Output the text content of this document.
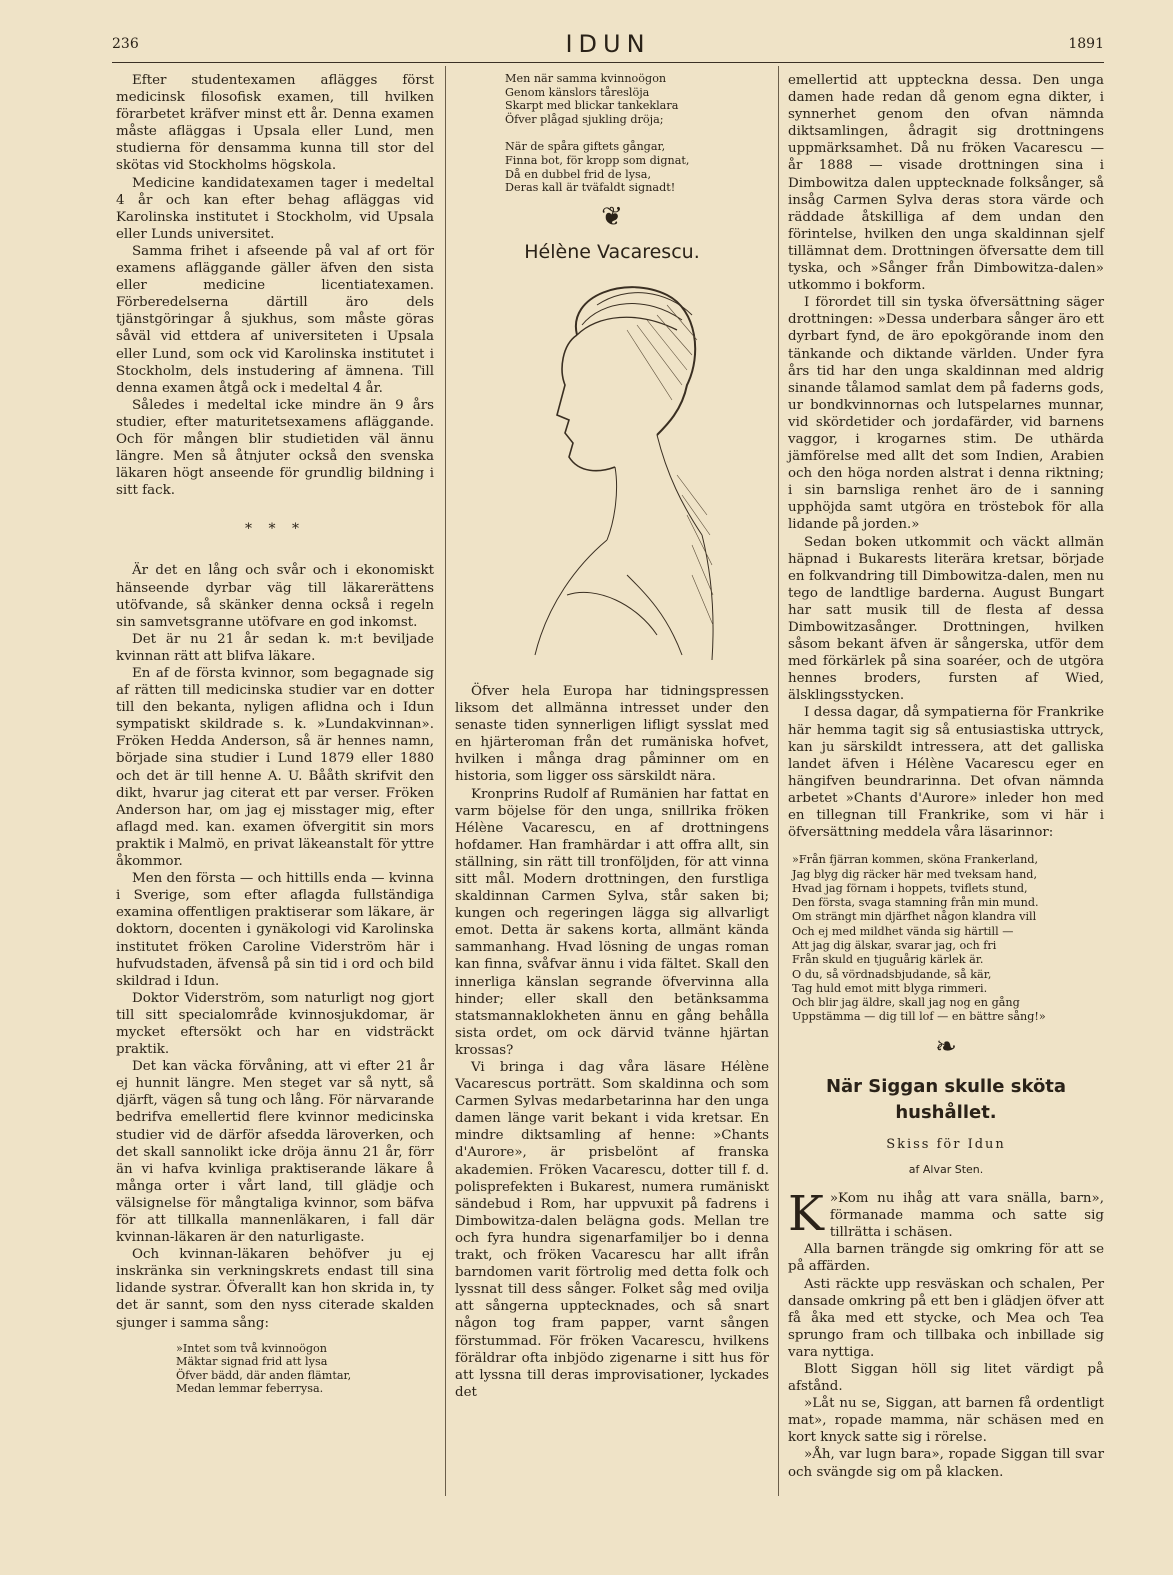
236	IDUN	1891

Efter studentexamen aflägges först medicinsk filosofisk examen, till hvilken förarbetet kräfver minst ett år. Denna examen måste afläggas i Upsala eller Lund, men studierna för densamma kunna till stor del skötas vid Stockholms högskola.

Medicine kandidatexamen tager i medeltal 4 år och kan efter behag afläggas vid Karolinska institutet i Stockholm, vid Upsala eller Lunds universitet.

Samma frihet i afseende på val af ort för examens afläggande gäller äfven den sista eller medicine licentiatexamen. Förberedelserna därtill äro dels tjänstgöringar å sjukhus, som måste göras såväl vid ettdera af universiteten i Upsala eller Lund, som ock vid Karolinska institutet i Stockholm, dels instudering af ämnena. Till denna examen åtgå ock i medeltal 4 år.

Således i medeltal icke mindre än 9 års studier, efter maturitetsexamens afläggande. Och för mången blir studietiden väl ännu längre. Men så åtnjuter också den svenska läkaren högt anseende för grundlig bildning i sitt fack.

* * *

Är det en lång och svår och i ekonomiskt hänseende dyrbar väg till läkarerättens utöfvande, så skänker denna också i regeln sin samvetsgranne utöfvare en god inkomst.

Det är nu 21 år sedan k. m:t beviljade kvinnan rätt att blifva läkare.

En af de första kvinnor, som begagnade sig af rätten till medicinska studier var en dotter till den bekanta, nyligen aflidna och i Idun sympatiskt skildrade s. k. »Lundakvinnan». Fröken Hedda Anderson, så är hennes namn, började sina studier i Lund 1879 eller 1880 och det är till henne A. U. Bååth skrifvit den dikt, hvarur jag citerat ett par verser. Fröken Anderson har, om jag ej misstager mig, efter aflagd med. kan. examen öfvergitit sin mors praktik i Malmö, en privat läkeanstalt för yttre åkommor.

Men den första — och hittills enda — kvinna i Sverige, som efter aflagda fullständiga examina offentligen praktiserar som läkare, är doktorn, docenten i gynäkologi vid Karolinska institutet fröken Caroline Viderström här i hufvudstaden, äfvenså på sin tid i ord och bild skildrad i Idun.

Doktor Viderström, som naturligt nog gjort till sitt specialområde kvinnosjukdomar, är mycket eftersökt och har en vidsträckt praktik.

Det kan väcka förvåning, att vi efter 21 år ej hunnit längre. Men steget var så nytt, så djärft, vägen så tung och lång. För närvarande bedrifva emellertid flere kvinnor medicinska studier vid de därför afsedda läroverken, och det skall sannolikt icke dröja ännu 21 år, förr än vi hafva kvinliga praktiserande läkare å många orter i vårt land, till glädje och välsignelse för mångtaliga kvinnor, som bäfva för att tillkalla mannenläkaren, i fall där kvinnan-läkaren är den naturligaste.

Och kvinnan-läkaren behöfver ju ej inskränka sin verkningskrets endast till sina lidande systrar. Öfverallt kan hon skrida in, ty det är sannt, som den nyss citerade skalden sjunger i samma sång:

»Intet som två kvinnoögon
Mäktar signad frid att lysa
Öfver bädd, där anden flämtar,
Medan lemmar feberrysa.
Men när samma kvinnoögon
Genom känslors tåreslöja
Skarpt med blickar tankeklara
Öfver plågad sjukling dröja;
När de spåra giftets gångar,
Finna bot, för kropp som dignat,
Då en dubbel frid de lysa,
Deras kall är tväfaldt signadt!
❦
Hélène Vacarescu.

Öfver hela Europa har tidningspressen liksom det allmänna intresset under den senaste tiden synnerligen lifligt sysslat med en hjärteroman från det rumäniska hofvet, hvilken i många drag påminner om en historia, som ligger oss särskildt nära.

Kronprins Rudolf af Rumänien har fattat en varm böjelse för den unga, snillrika fröken Hélène Vacarescu, en af drottningens hofdamer. Han framhärdar i att offra allt, sin ställning, sin rätt till tronföljden, för att vinna sitt mål. Modern drottningen, den furstliga skaldinnan Carmen Sylva, står saken bi; kungen och regeringen lägga sig allvarligt emot. Detta är sakens korta, allmänt kända sammanhang. Hvad lösning de ungas roman kan finna, svåfvar ännu i vida fältet. Skall den innerliga känslan segrande öfvervinna alla hinder; eller skall den betänksamma statsmannaklokheten ännu en gång behålla sista ordet, om ock därvid tvänne hjärtan krossas?

Vi bringa i dag våra läsare Hélène Vacarescus porträtt. Som skaldinna och som Carmen Sylvas medarbetarinna har den unga damen länge varit bekant i vida kretsar. En mindre diktsamling af henne: »Chants d'Aurore», är prisbelönt af franska akademien. Fröken Vacarescu, dotter till f. d. polisprefekten i Bukarest, numera rumäniskt sändebud i Rom, har uppvuxit på fadrens i Dimbowitza-dalen belägna gods. Mellan tre och fyra hundra sigenarfamiljer bo i denna trakt, och fröken Vacarescu har allt ifrån barndomen varit förtrolig med detta folk och lyssnat till dess sånger. Folket såg med ovilja att sångerna upptecknades, och så snart någon tog fram papper, varnt sången förstummad. För fröken Vacarescu, hvilkens föräldrar ofta inbjödo zigenarne i sitt hus för att lyssna till deras improvisationer, lyckades det

emellertid att uppteckna dessa. Den unga damen hade redan då genom egna dikter, i synnerhet genom den ofvan nämnda diktsamlingen, ådragit sig drottningens uppmärksamhet. Då nu fröken Vacarescu — år 1888 — visade drottningen sina i Dimbowitza dalen upptecknade folksånger, så insåg Carmen Sylva deras stora värde och räddade åtskilliga af dem undan den förintelse, hvilken den unga skaldinnan sjelf tillämnat dem. Drottningen öfversatte dem till tyska, och »Sånger från Dimbowitza-dalen» utkommo i bokform.

I förordet till sin tyska öfversättning säger drottningen: »Dessa underbara sånger äro ett dyrbart fynd, de äro epokgörande inom den tänkande och diktande världen. Under fyra års tid har den unga skaldinnan med aldrig sinande tålamod samlat dem på faderns gods, ur bondkvinnornas och lutspelarnes munnar, vid skördetider och jordafärder, vid barnens vaggor, i krogarnes stim. De uthärda jämförelse med allt det som Indien, Arabien och den höga norden alstrat i denna riktning; i sin barnsliga renhet äro de i sanning upphöjda samt utgöra en tröstebok för alla lidande på jorden.»

Sedan boken utkommit och väckt allmän häpnad i Bukarests literära kretsar, började en folkvandring till Dimbowitza-dalen, men nu tego de landtlige barderna. August Bungart har satt musik till de flesta af dessa Dimbowitzasånger. Drottningen, hvilken såsom bekant äfven är sångerska, utför dem med förkärlek på sina soaréer, och de utgöra hennes broders, fursten af Wied, älsklingsstycken.

I dessa dagar, då sympatierna för Frankrike här hemma tagit sig så entusiastiska uttryck, kan ju särskildt intressera, att det galliska landet äfven i Hélène Vacarescu eger en hängifven beundrarinna. Det ofvan nämnda arbetet »Chants d'Aurore» inleder hon med en tillegnan till Frankrike, som vi här i öfversättning meddela våra läsarinnor:

»Från fjärran kommen, sköna Frankerland,
Jag blyg dig räcker här med tveksam hand,
Hvad jag förnam i hoppets, tviflets stund,
Den första, svaga stamning från min mund.
Om strängt min djärfhet någon klandra vill
Och ej med mildhet vända sig härtill —
Att jag dig älskar, svarar jag, och fri
Från skuld en tjuguårig kärlek är.
O du, så vördnadsbjudande, så kär,
Tag huld emot mitt blyga rimmeri.
Och blir jag äldre, skall jag nog en gång
Uppstämma — dig till lof — en bättre sång!»
❧
När Siggan skulle sköta hushållet.
Skiss för Idun
af Alvar Sten.

K »Kom nu ihåg att vara snälla, barn», förmanade mamma och satte sig tillrätta i schäsen.

Alla barnen trängde sig omkring för att se på affärden.

Asti räckte upp resväskan och schalen, Per dansade omkring på ett ben i glädjen öfver att få åka med ett stycke, och Mea och Tea sprungo fram och tillbaka och inbillade sig vara nyttiga.

Blott Siggan höll sig litet värdigt på afstånd.

»Låt nu se, Siggan, att barnen få ordentligt mat», ropade mamma, när schäsen med en kort knyck satte sig i rörelse.

»Åh, var lugn bara», ropade Siggan till svar och svängde sig om på klacken.
